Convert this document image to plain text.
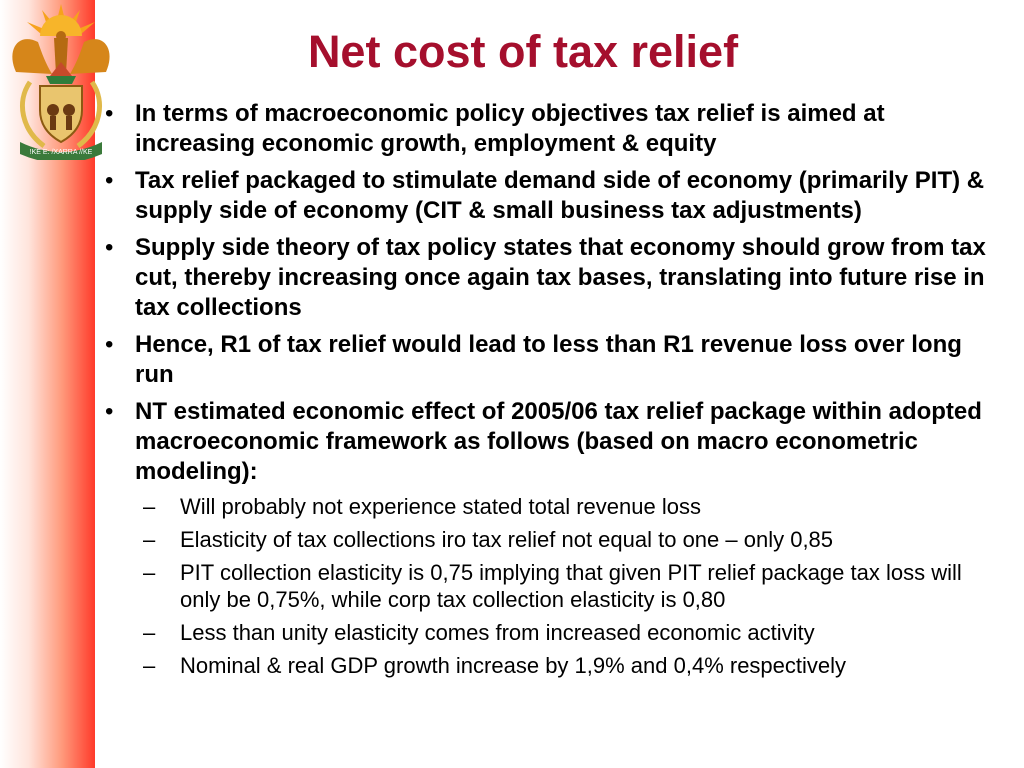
!KE E: /XARRA //KE
Net cost of tax relief
• In terms of macroeconomic policy objectives tax relief is aimed at increasing economic growth, employment & equity
• Tax relief packaged to stimulate demand side of economy (primarily PIT) & supply side of economy (CIT & small business tax adjustments)
• Supply side theory of tax policy states that economy should grow from tax cut, thereby increasing once again tax bases, translating into future rise in tax collections
• Hence, R1 of tax relief would lead to less than R1 revenue loss over long run
• NT estimated economic effect of 2005/06 tax relief package within adopted macroeconomic framework as follows (based on macro econometric modeling):
– Will probably not experience stated total revenue loss
– Elasticity of tax collections iro tax relief not equal to one – only 0,85
– PIT collection elasticity is 0,75 implying that given PIT relief package tax loss will only be 0,75%, while corp tax collection elasticity is 0,80
– Less than unity elasticity comes from increased economic activity
– Nominal & real GDP growth increase by 1,9% and 0,4% respectively
